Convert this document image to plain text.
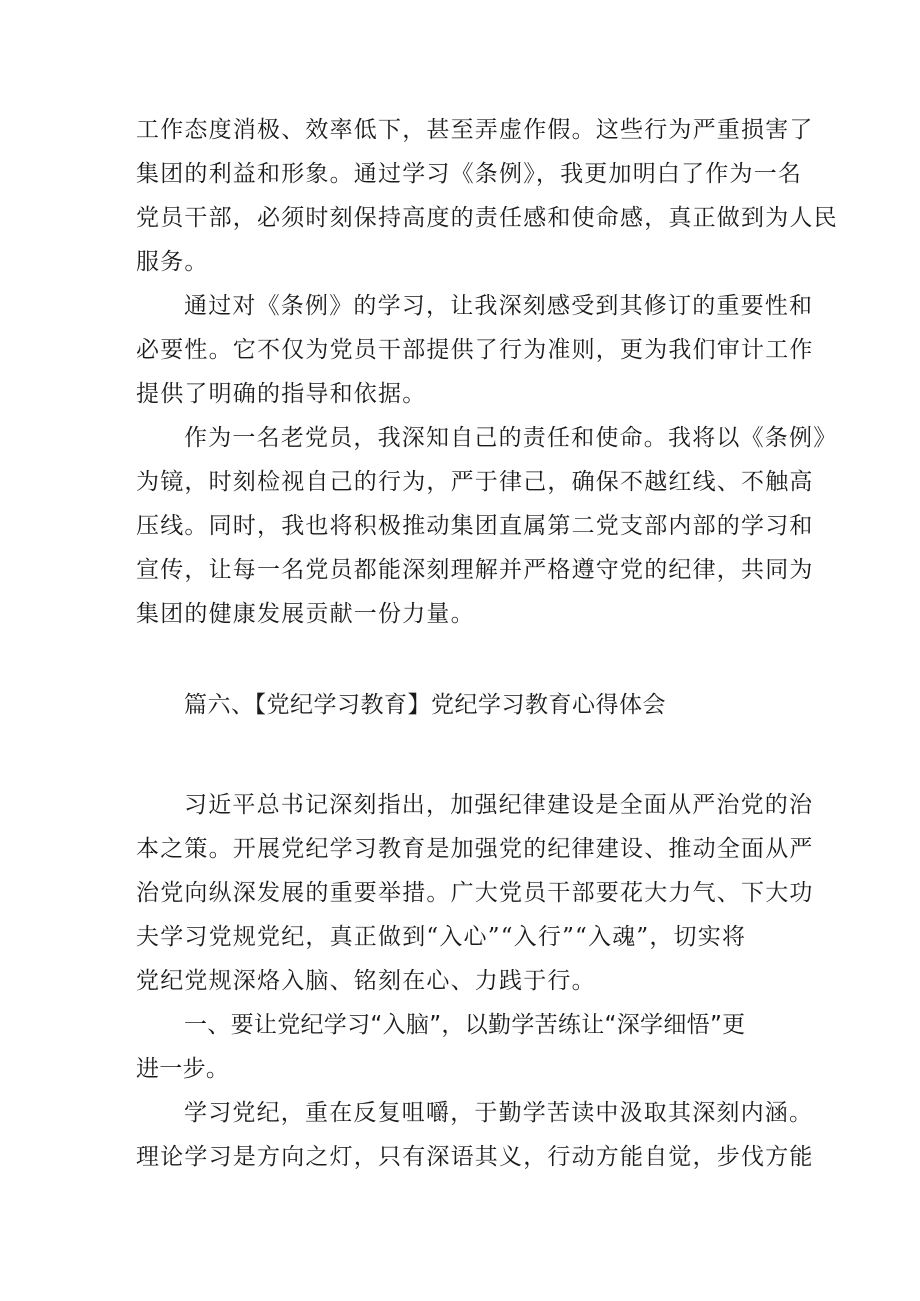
工作态度消极、效率低下，甚至弄虚作假。这些行为严重损害了
集团的利益和形象。通过学习《条例》，我更加明白了作为一名
党员干部，必须时刻保持高度的责任感和使命感，真正做到为人民
服务。
通过对《条例》的学习，让我深刻感受到其修订的重要性和
必要性。它不仅为党员干部提供了行为准则，更为我们审计工作
提供了明确的指导和依据。
作为一名老党员，我深知自己的责任和使命。我将以《条例》
为镜，时刻检视自己的行为，严于律己，确保不越红线、不触高
压线。同时，我也将积极推动集团直属第二党支部内部的学习和
宣传，让每一名党员都能深刻理解并严格遵守党的纪律，共同为
集团的健康发展贡献一份力量。
篇六、【党纪学习教育】党纪学习教育心得体会
习近平总书记深刻指出，加强纪律建设是全面从严治党的治
本之策。开展党纪学习教育是加强党的纪律建设、推动全面从严
治党向纵深发展的重要举措。广大党员干部要花大力气、下大功
夫学习党规党纪，真正做到“入心”“入行”“入魂”，切实将
党纪党规深烙入脑、铭刻在心、力践于行。
一、要让党纪学习“入脑”，以勤学苦练让“深学细悟”更
进一步。
学习党纪，重在反复咀嚼，于勤学苦读中汲取其深刻内涵。
理论学习是方向之灯，只有深语其义，行动方能自觉，步伐方能
